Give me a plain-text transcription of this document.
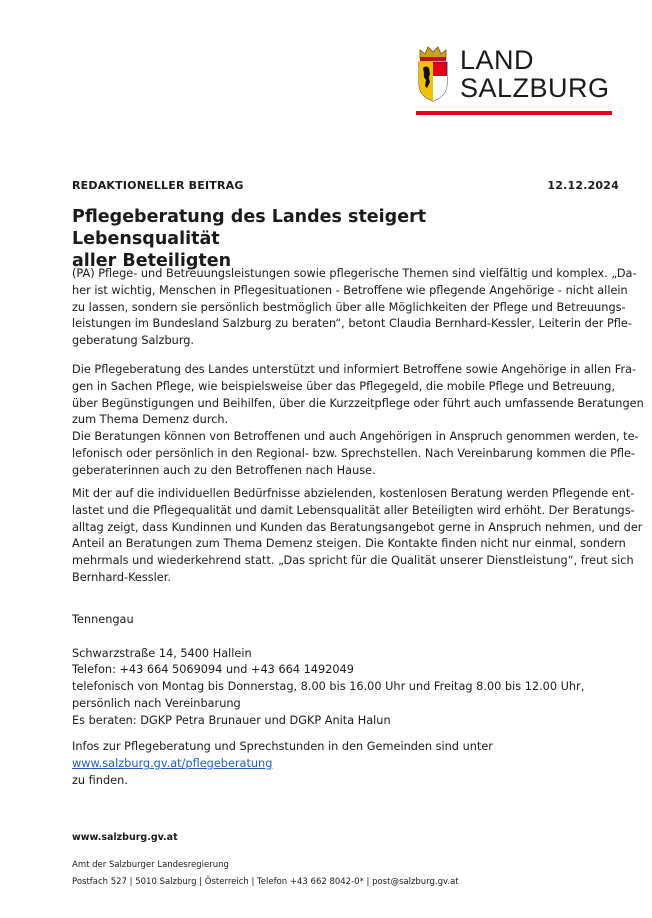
LAND
SALZBURG
REDAKTIONELLER BEITRAG	12.12.2024
Pflegeberatung des Landes steigert Lebensqualität
aller Beteiligten
(PA) Pflege- und Betreuungsleistungen sowie pflegerische Themen sind vielfältig und komplex. „Da-
her ist wichtig, Menschen in Pflegesituationen - Betroffene wie pflegende Angehörige - nicht allein
zu lassen, sondern sie persönlich bestmöglich über alle Möglichkeiten der Pflege und Betreuungs-
leistungen im Bundesland Salzburg zu beraten“, betont Claudia Bernhard-Kessler, Leiterin der Pfle-
geberatung Salzburg.
Die Pflegeberatung des Landes unterstützt und informiert Betroffene sowie Angehörige in allen Fra-
gen in Sachen Pflege, wie beispielsweise über das Pflegegeld, die mobile Pflege und Betreuung,
über Begünstigungen und Beihilfen, über die Kurzzeitpflege oder führt auch umfassende Beratungen
zum Thema Demenz durch.
Die Beratungen können von Betroffenen und auch Angehörigen in Anspruch genommen werden, te-
lefonisch oder persönlich in den Regional- bzw. Sprechstellen. Nach Vereinbarung kommen die Pfle-
geberaterinnen auch zu den Betroffenen nach Hause.
Mit der auf die individuellen Bedürfnisse abzielenden, kostenlosen Beratung werden Pflegende ent-
lastet und die Pflegequalität und damit Lebensqualität aller Beteiligten wird erhöht. Der Beratungs-
alltag zeigt, dass Kundinnen und Kunden das Beratungsangebot gerne in Anspruch nehmen, und der
Anteil an Beratungen zum Thema Demenz steigen. Die Kontakte finden nicht nur einmal, sondern
mehrmals und wiederkehrend statt. „Das spricht für die Qualität unserer Dienstleistung“, freut sich
Bernhard-Kessler.
Tennengau

Schwarzstraße 14, 5400 Hallein
Telefon: +43 664 5069094 und +43 664 1492049
telefonisch von Montag bis Donnerstag, 8.00 bis 16.00 Uhr und Freitag 8.00 bis 12.00 Uhr,
persönlich nach Vereinbarung
Es beraten: DGKP Petra Brunauer und DGKP Anita Halun
Infos zur Pflegeberatung und Sprechstunden in den Gemeinden sind unter
www.salzburg.gv.at/pflegeberatung
zu finden.
www.salzburg.gv.at
Amt der Salzburger Landesregierung
Postfach 527 | 5010 Salzburg | Österreich | Telefon +43 662 8042-0* | post@salzburg.gv.at
